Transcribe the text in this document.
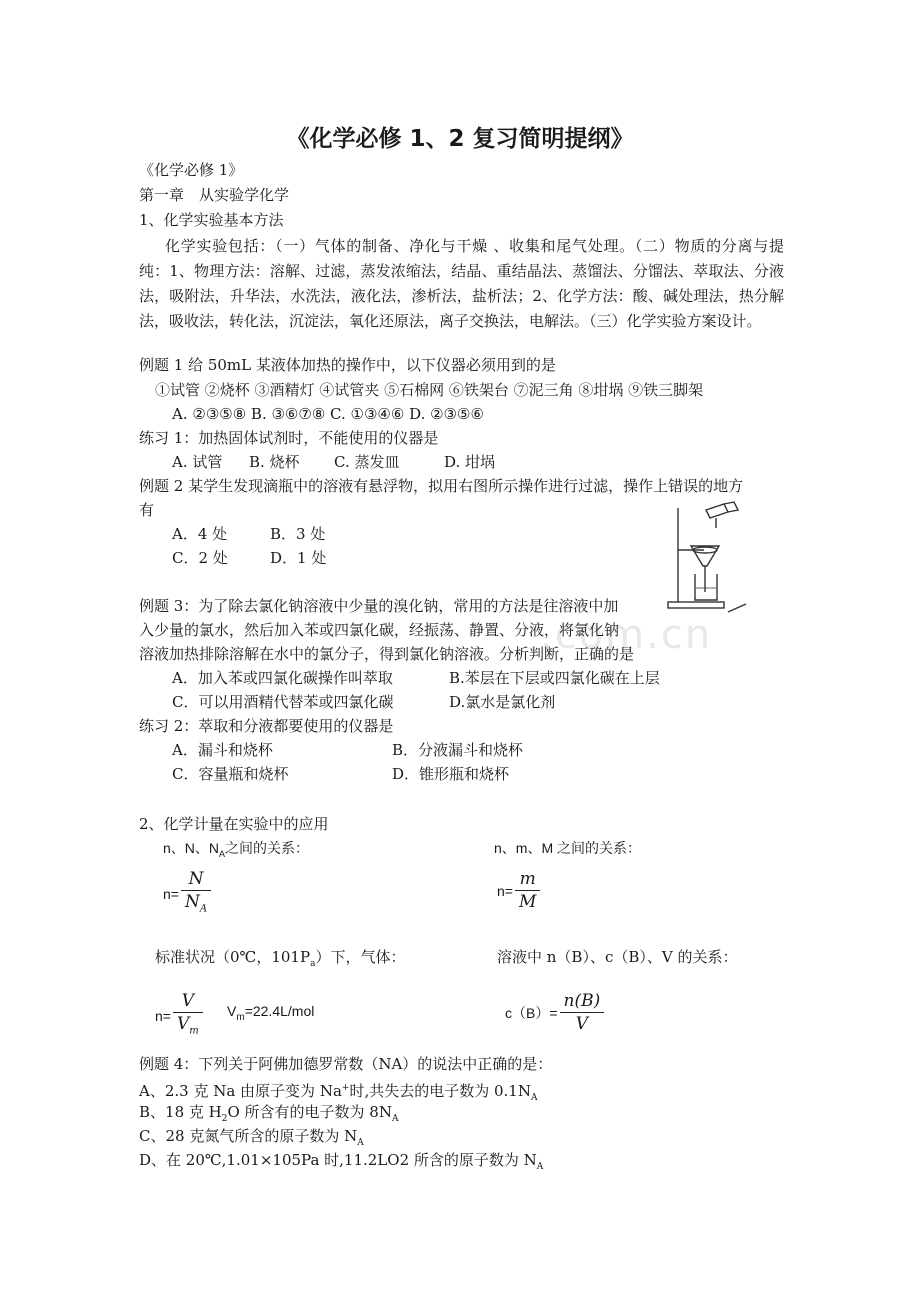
《化学必修 1、2 复习简明提纲》
《化学必修 1》
第一章　从实验学化学
1、化学实验基本方法
化学实验包括：（一）气体的制备、净化与干燥 、收集和尾气处理。（二）物质的分离与提纯：1、物理方法：溶解、过滤，蒸发浓缩法，结晶、重结晶法、蒸馏法、分馏法、萃取法、分液法，吸附法，升华法，水洗法，液化法，渗析法，盐析法；2、化学方法：酸、碱处理法，热分解法，吸收法，转化法，沉淀法，氧化还原法，离子交换法，电解法。（三）化学实验方案设计。
例题 1 给 50mL 某液体加热的操作中，以下仪器必须用到的是
①试管 ②烧杯 ③酒精灯 ④试管夹 ⑤石棉网 ⑥铁架台 ⑦泥三角 ⑧坩埚 ⑨铁三脚架
A. ②③⑤⑧ B. ③⑥⑦⑧ C. ①③④⑥ D. ②③⑤⑥
练习 1：加热固体试剂时，不能使用的仪器是
A. 试管 B. 烧杯 C. 蒸发皿	D. 坩埚
例题 2 某学生发现滴瓶中的溶液有悬浮物，拟用右图所示操作进行过滤，操作上错误的地方
有
A．4 处	B．3 处
C．2 处	D．1 处
例题 3：为了除去氯化钠溶液中少量的溴化钠，常用的方法是往溶液中加
.com.cn
入少量的氯水，然后加入苯或四氯化碳，经振荡、静置、分液，将氯化钠
溶液加热排除溶解在水中的氯分子，得到氯化钠溶液。分析判断，正确的是
A．加入苯或四氯化碳操作叫萃取	B.苯层在下层或四氯化碳在上层
C．可以用酒精代替苯或四氯化碳	D.氯水是氯化剂
练习 2：萃取和分液都要使用的仪器是
A．漏斗和烧杯	B．分液漏斗和烧杯
C．容量瓶和烧杯	D．锥形瓶和烧杯
2、化学计量在实验中的应用
n、N、$N_A$之间的关系：	n、m、M 之间的关系：
$n= \frac{N}{N_A}$	$n= \frac{m}{M}$
标准状况（0℃，$101P_a$）下，气体：	溶液中 n（B）、c（B）、V 的关系：
$n= \frac{V}{V_m} V_m=22.4L/mol$	$c(B)= \frac{n(B)}{V}$
例题 4：下列关于阿佛加德罗常数（NA）的说法中正确的是：
A、2.3 克 Na 由原子变为 Na+时,共失去的电子数为 $0.1N_A$
B、18 克 $H_2O$ 所含有的电子数为 $8N_A$
C、28 克氮气所含的原子数为 $N_A$
D、在 20℃,1.01×105Pa 时,11.2LO2 所含的原子数为 $N_A$
